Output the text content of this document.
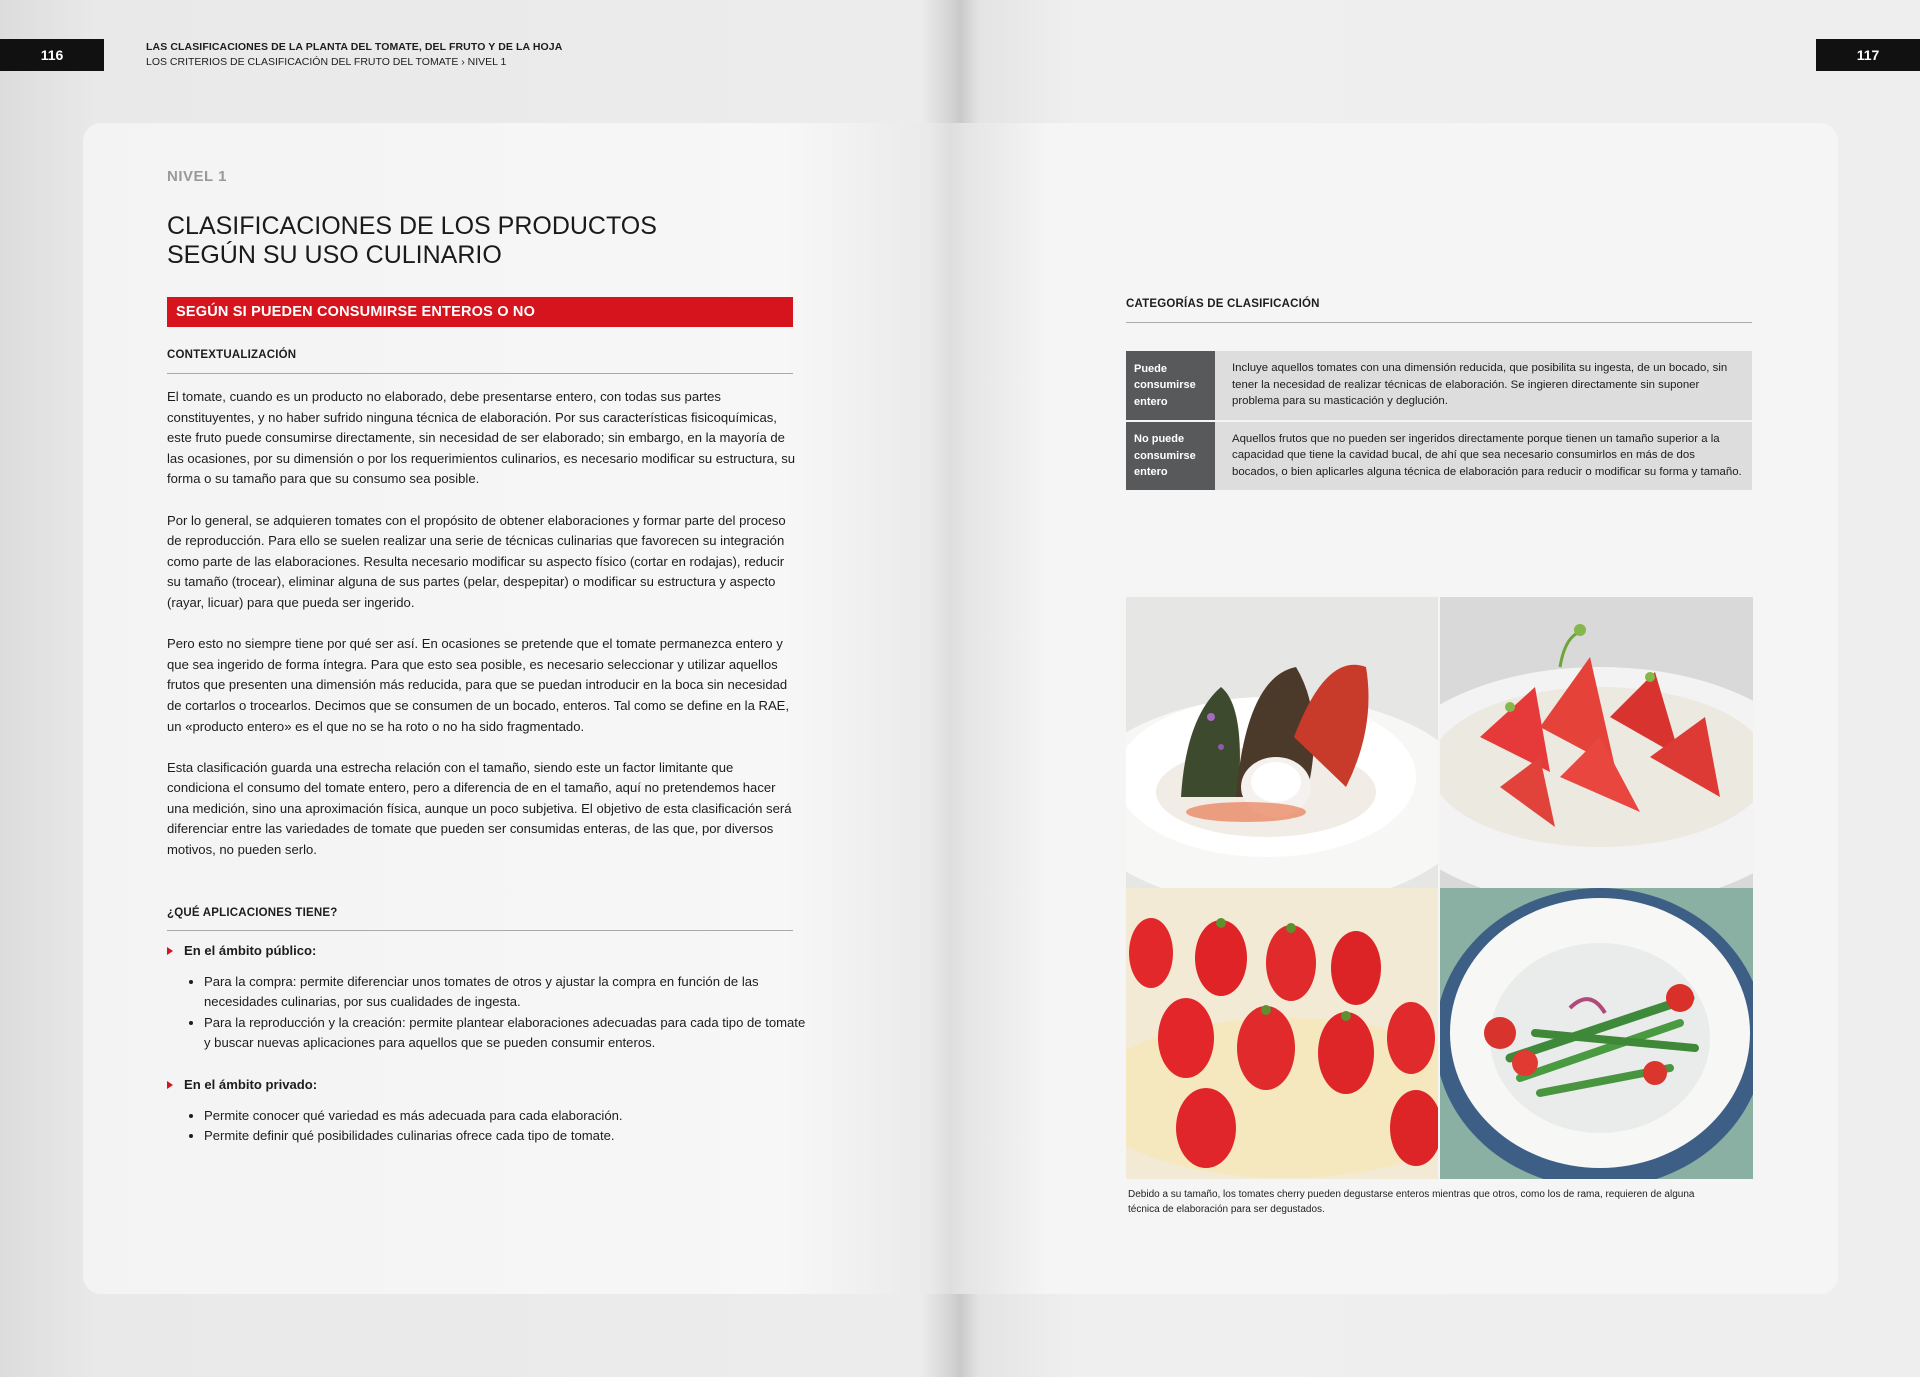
116	117
LAS CLASIFICACIONES DE LA PLANTA DEL TOMATE, DEL FRUTO Y DE LA HOJA
LOS CRITERIOS DE CLASIFICACIÓN DEL FRUTO DEL TOMATE › NIVEL 1
NIVEL 1
CLASIFICACIONES DE LOS PRODUCTOS
SEGÚN SU USO CULINARIO
SEGÚN SI PUEDEN CONSUMIRSE ENTEROS O NO
CONTEXTUALIZACIÓN

El tomate, cuando es un producto no elaborado, debe presentarse entero, con todas sus partes constituyentes, y no haber sufrido ninguna técnica de elaboración. Por sus características fisicoquímicas, este fruto puede consumirse directamente, sin necesidad de ser elaborado; sin embargo, en la mayoría de las ocasiones, por su dimensión o por los requerimientos culinarios, es necesario modificar su estructura, su forma o su tamaño para que su consumo sea posible.

Por lo general, se adquieren tomates con el propósito de obtener elaboraciones y formar parte del proceso de reproducción. Para ello se suelen realizar una serie de técnicas culinarias que favorecen su integración como parte de las elaboraciones. Resulta necesario modificar su aspecto físico (cortar en rodajas), reducir su tamaño (trocear), eliminar alguna de sus partes (pelar, despepitar) o modificar su estructura y aspecto (rayar, licuar) para que pueda ser ingerido.

Pero esto no siempre tiene por qué ser así. En ocasiones se pretende que el tomate permanezca entero y que sea ingerido de forma íntegra. Para que esto sea posible, es necesario seleccionar y utilizar aquellos frutos que presenten una dimensión más reducida, para que se puedan introducir en la boca sin necesidad de cortarlos o trocearlos. Decimos que se consumen de un bocado, enteros. Tal como se define en la RAE, un «producto entero» es el que no se ha roto o no ha sido fragmentado.

Esta clasificación guarda una estrecha relación con el tamaño, siendo este un factor limitante que condiciona el consumo del tomate entero, pero a diferencia de en el tamaño, aquí no pretendemos hacer una medición, sino una aproximación física, aunque un poco subjetiva. El objetivo de esta clasificación será diferenciar entre las variedades de tomate que pueden ser consumidas enteras, de las que, por diversos motivos, no pueden serlo.

¿QUÉ APLICACIONES TIENE?
En el ámbito público:
• Para la compra: permite diferenciar unos tomates de otros y ajustar la compra en función de las necesidades culinarias, por sus cualidades de ingesta.
• Para la reproducción y la creación: permite plantear elaboraciones adecuadas para cada tipo de tomate y buscar nuevas aplicaciones para aquellos que se pueden consumir enteros.
En el ámbito privado:
• Permite conocer qué variedad es más adecuada para cada elaboración.
• Permite definir qué posibilidades culinarias ofrece cada tipo de tomate.
CATEGORÍAS DE CLASIFICACIÓN
Puede consumirse entero
Incluye aquellos tomates con una dimensión reducida, que posibilita su ingesta, de un bocado, sin tener la necesidad de realizar técnicas de elaboración. Se ingieren directamente sin suponer problema para su masticación y deglución.
No puede consumirse entero
Aquellos frutos que no pueden ser ingeridos directamente porque tienen un tamaño superior a la capacidad que tiene la cavidad bucal, de ahí que sea necesario consumirlos en más de dos bocados, o bien aplicarles alguna técnica de elaboración para reducir o modificar su forma y tamaño.
Debido a su tamaño, los tomates cherry pueden degustarse enteros mientras que otros, como los de rama, requieren de alguna técnica de elaboración para ser degustados.
